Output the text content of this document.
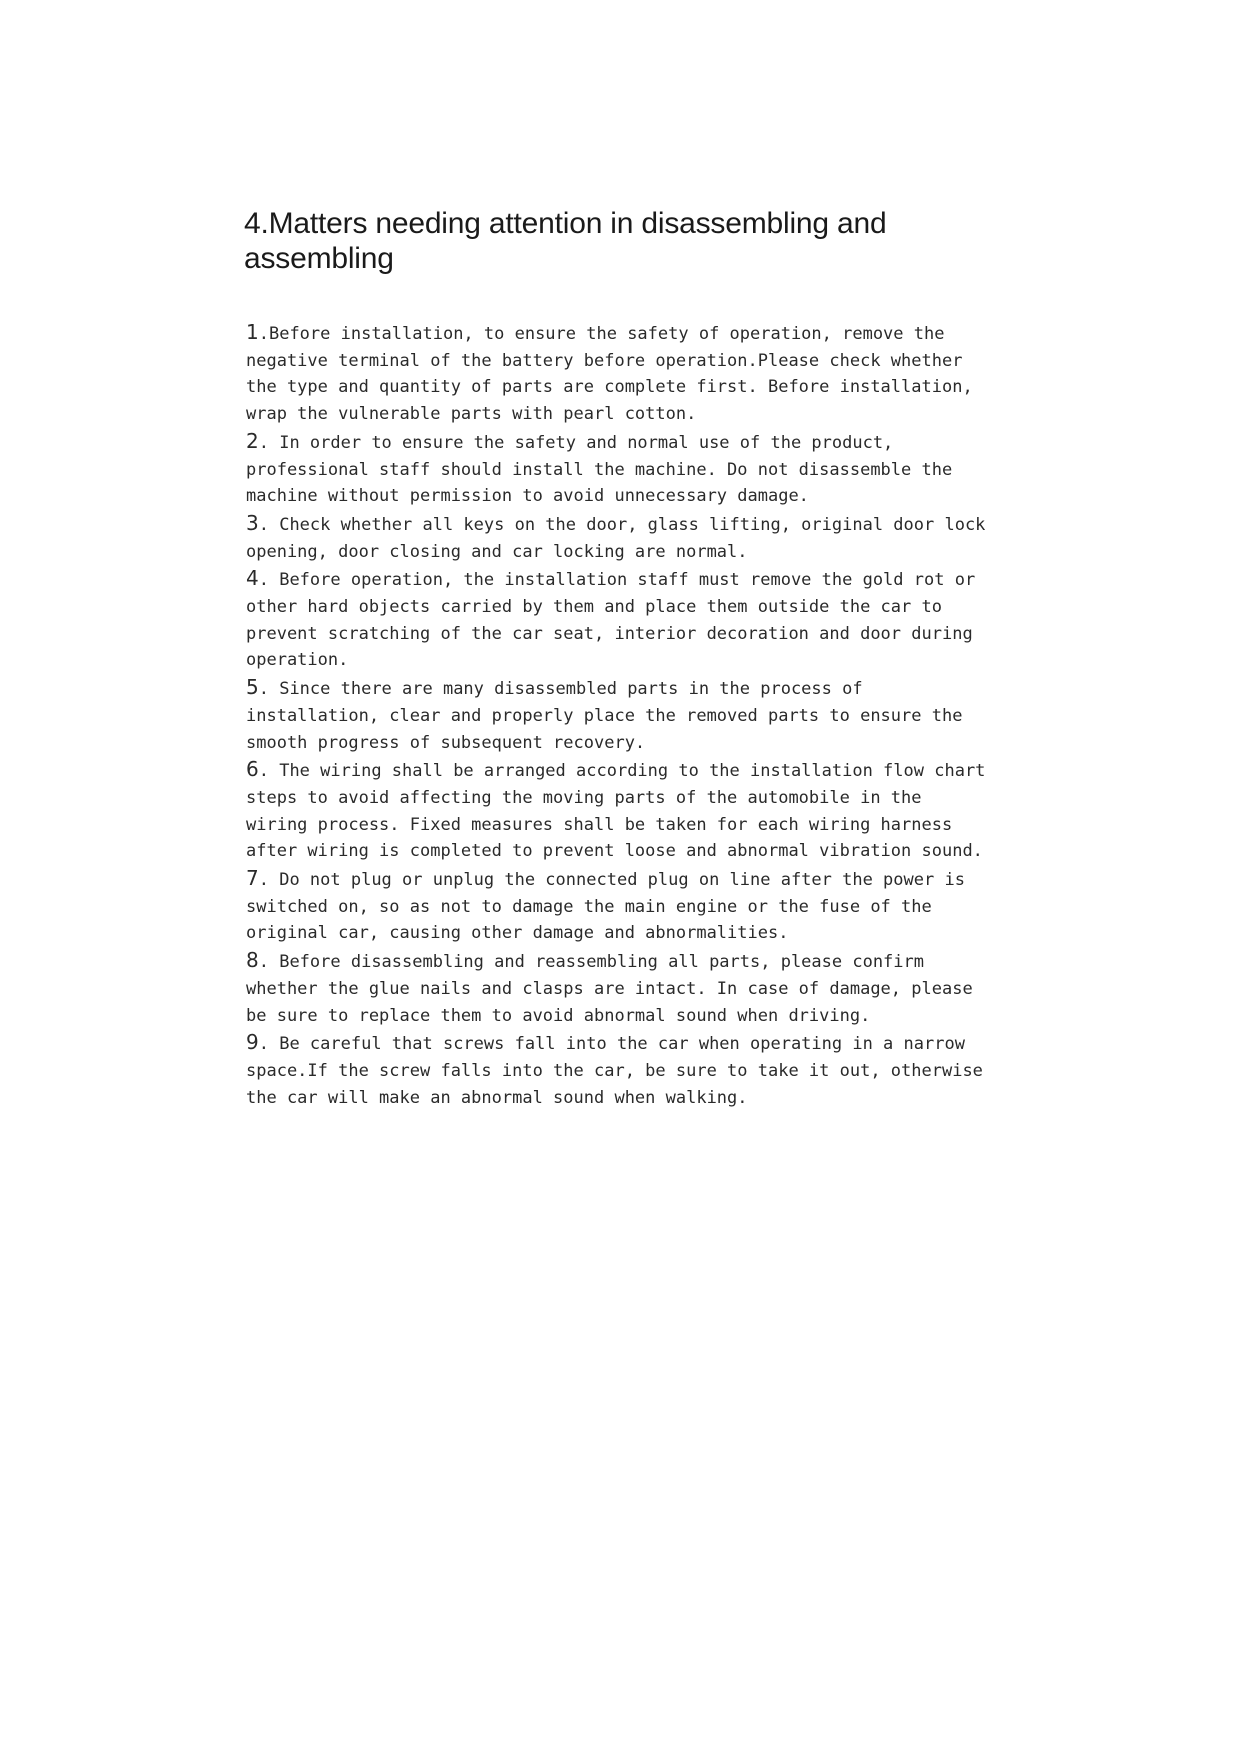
4.Matters needing attention in disassembling and assembling
1.Before installation, to ensure the safety of operation, remove the negative terminal of the battery before operation.Please check whether the type and quantity of parts are complete first. Before installation, wrap the vulnerable parts with pearl cotton.
2. In order to ensure the safety and normal use of the product, professional staff should install the machine. Do not disassemble the machine without permission to avoid unnecessary damage.
3. Check whether all keys on the door, glass lifting, original door lock opening, door closing and car locking are normal.
4. Before operation, the installation staff must remove the gold rot or other hard objects carried by them and place them outside the car to prevent scratching of the car seat, interior decoration and door during operation.
5. Since there are many disassembled parts in the process of installation, clear and properly place the removed parts to ensure the smooth progress of subsequent recovery.
6. The wiring shall be arranged according to the installation flow chart steps to avoid affecting the moving parts of the automobile in the wiring process. Fixed measures shall be taken for each wiring harness after wiring is completed to prevent loose and abnormal vibration sound.
7. Do not plug or unplug the connected plug on line after the power is switched on, so as not to damage the main engine or the fuse of the original car, causing other damage and abnormalities.
8. Before disassembling and reassembling all parts, please confirm whether the glue nails and clasps are intact. In case of damage, please be sure to replace them to avoid abnormal sound when driving.
9. Be careful that screws fall into the car when operating in a narrow space.If the screw falls into the car, be sure to take it out, otherwise the car will make an abnormal sound when walking.
